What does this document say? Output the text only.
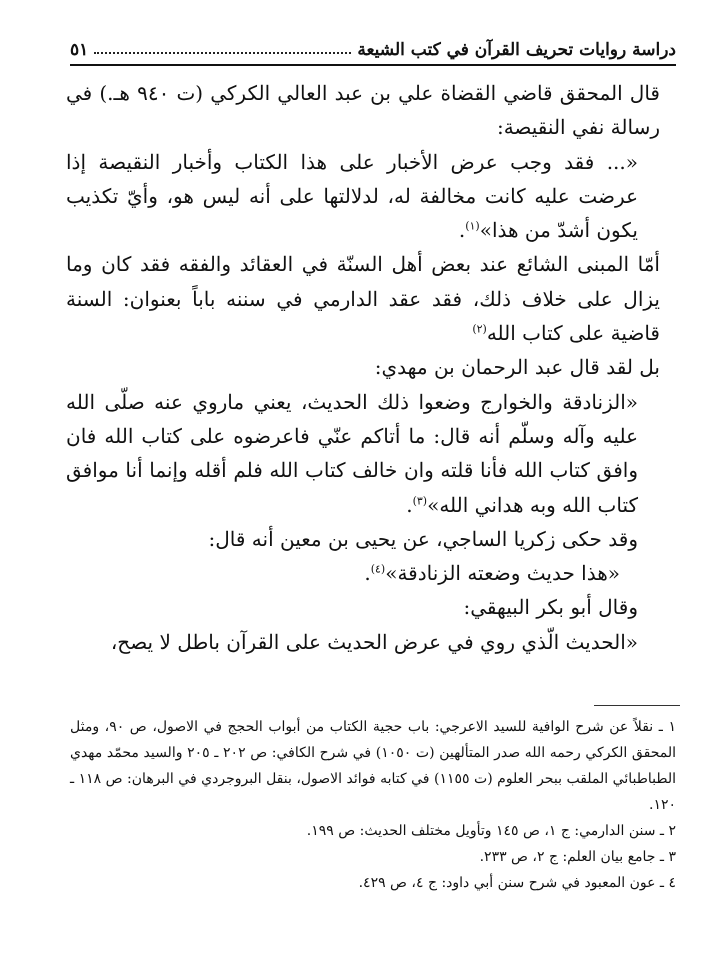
دراسة روايات تحريف القرآن في كتب الشيعة
٥١

قال المحقق قاضي القضاة علي بن عبد العالي الكركي (ت ٩٤٠ هـ.) في رسالة نفي النقيصة:

«... فقد وجب عرض الأخبار على هذا الكتاب وأخبار النقيصة إذا عرضت عليه كانت مخالفة له، لدلالتها على أنه ليس هو، وأيّ تكذيب يكون أشدّ من هذا»$^{(١)}$.

أمّا المبنى الشائع عند بعض أهل السنّة في العقائد والفقه فقد كان وما يزال على خلاف ذلك، فقد عقد الدارمي في سننه باباً بعنوان: السنة قاضية على كتاب الله$^{(٢)}$

بل لقد قال عبد الرحمان بن مهدي:

«الزنادقة والخوارج وضعوا ذلك الحديث، يعني ماروي عنه صلّى الله عليه وآله وسلّم أنه قال: ما أتاكم عنّي فاعرضوه على كتاب الله فان وافق كتاب الله فأنا قلته وان خالف كتاب الله فلم أقله وإنما أنا موافق كتاب الله وبه هداني الله»$^{(٣)}$.

وقد حكى زكريا الساجي، عن يحيى بن معين أنه قال:

«هذا حديث وضعته الزنادقة»$^{(٤)}$.

وقال أبو بكر البيهقي:

«الحديث الّذي روي في عرض الحديث على القرآن باطل لا يصح،

١ ـ نقلاً عن شرح الوافية للسيد الاعرجي: باب حجية الكتاب من أبواب الحجج في الاصول، ص ٩٠، ومثل المحقق الكركي رحمه الله صدر المتألهين (ت ١٠٥٠) في شرح الكافي: ص ٢٠٢ ـ ٢٠٥ والسيد محمّد مهدي الطباطبائي الملقب ببحر العلوم (ت ١١٥٥) في كتابه فوائد الاصول، بنقل البروجردي في البرهان: ص ١١٨ ـ ١٢٠.

٢ ـ سنن الدارمي: ج ١، ص ١٤٥ وتأويل مختلف الحديث: ص ١٩٩.

٣ ـ جامع بيان العلم: ج ٢، ص ٢٣٣.

٤ ـ عون المعبود في شرح سنن أبي داود: ج ٤، ص ٤٢٩.
